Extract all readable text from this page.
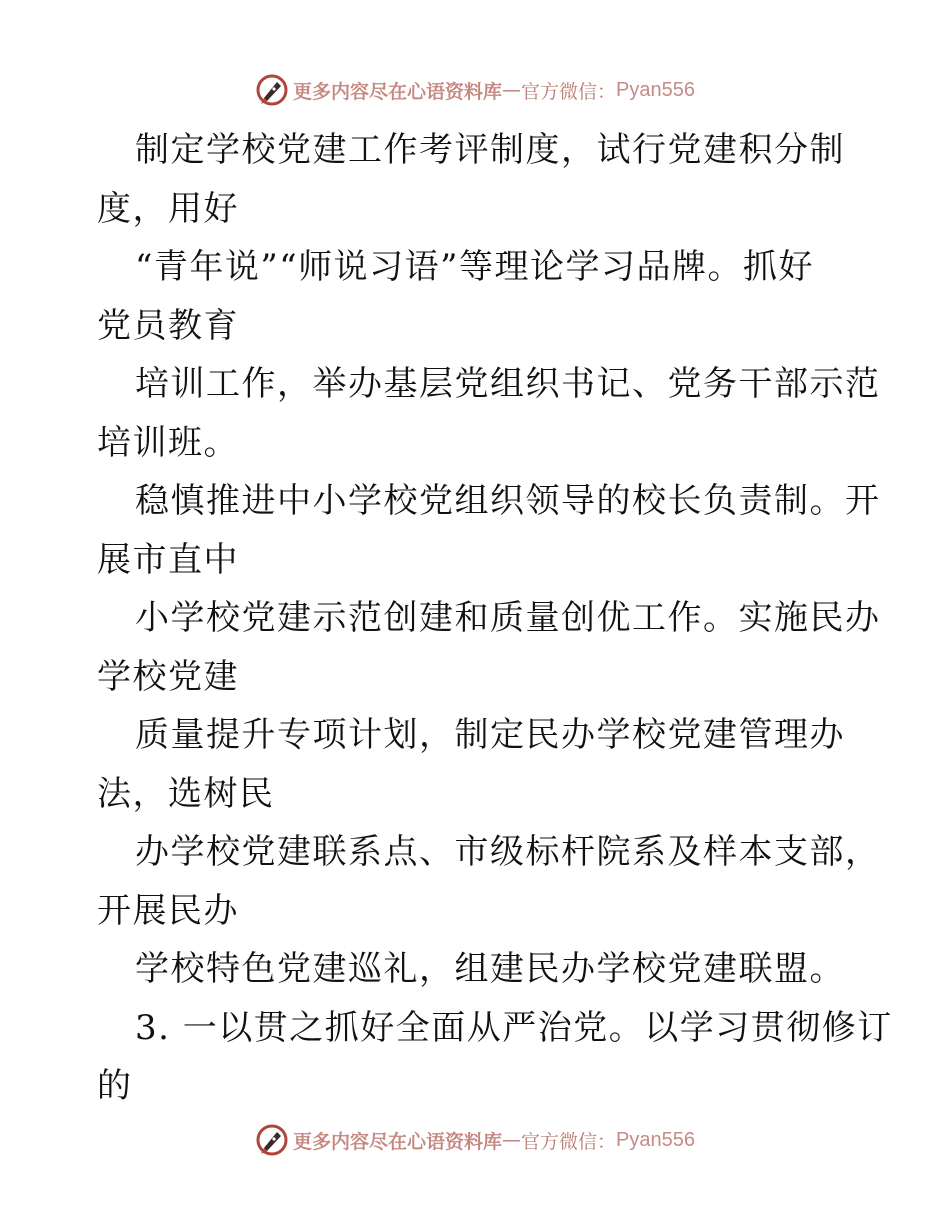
更多内容尽在心语资料库 — 官方微信： Pyan556

制定学校党建工作考评制度，试行党建积分制

度，用好

“青年说”“师说习语”等理论学习品牌。抓好

党员教育

培训工作，举办基层党组织书记、党务干部示范

培训班。

稳慎推进中小学校党组织领导的校长负责制。开

展市直中

小学校党建示范创建和质量创优工作。实施民办

学校党建

质量提升专项计划，制定民办学校党建管理办

法，选树民

办学校党建联系点、市级标杆院系及样本支部，

开展民办

学校特色党建巡礼，组建民办学校党建联盟。

3. 一以贯之抓好全面从严治党。以学习贯彻修订

的

更多内容尽在心语资料库 — 官方微信： Pyan556
